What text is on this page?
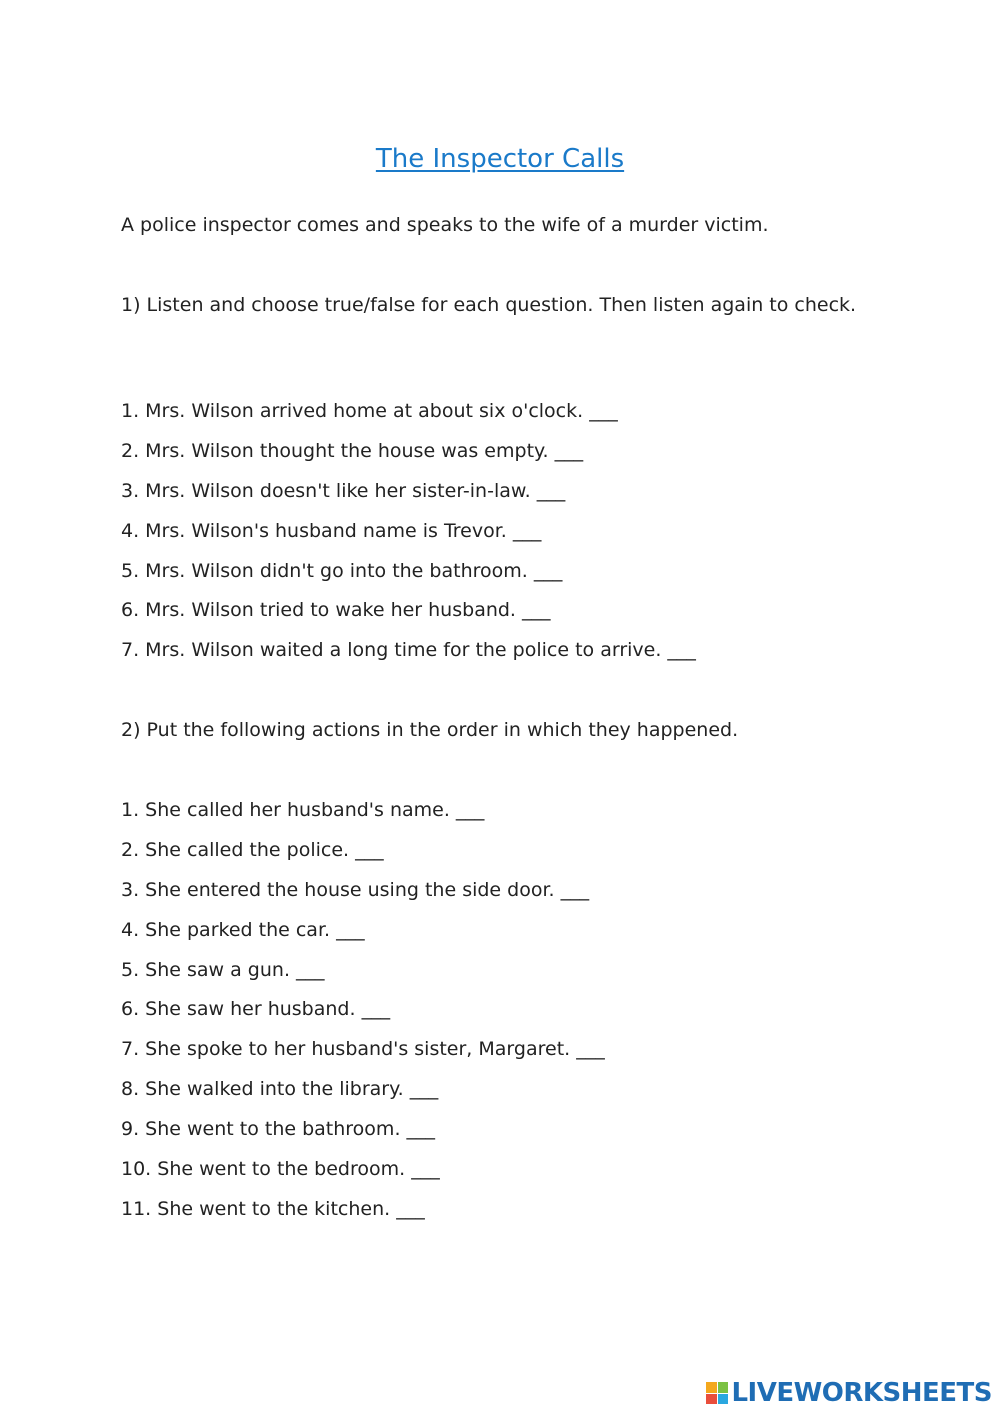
The Inspector Calls

A police inspector comes and speaks to the wife of a murder victim.

1) Listen and choose true/false for each question. Then listen again to check.

1. Mrs. Wilson arrived home at about six o'clock. ___
2. Mrs. Wilson thought the house was empty. ___
3. Mrs. Wilson doesn't like her sister-in-law. ___
4. Mrs. Wilson's husband name is Trevor. ___
5. Mrs. Wilson didn't go into the bathroom. ___
6. Mrs. Wilson tried to wake her husband. ___
7. Mrs. Wilson waited a long time for the police to arrive. ___

2) Put the following actions in the order in which they happened.

1. She called her husband's name. ___
2. She called the police. ___
3. She entered the house using the side door. ___
4. She parked the car. ___
5. She saw a gun. ___
6. She saw her husband. ___
7. She spoke to her husband's sister, Margaret. ___
8. She walked into the library. ___
9. She went to the bathroom. ___
10. She went to the bedroom. ___
11. She went to the kitchen. ___
LIVEWORKSHEETS
